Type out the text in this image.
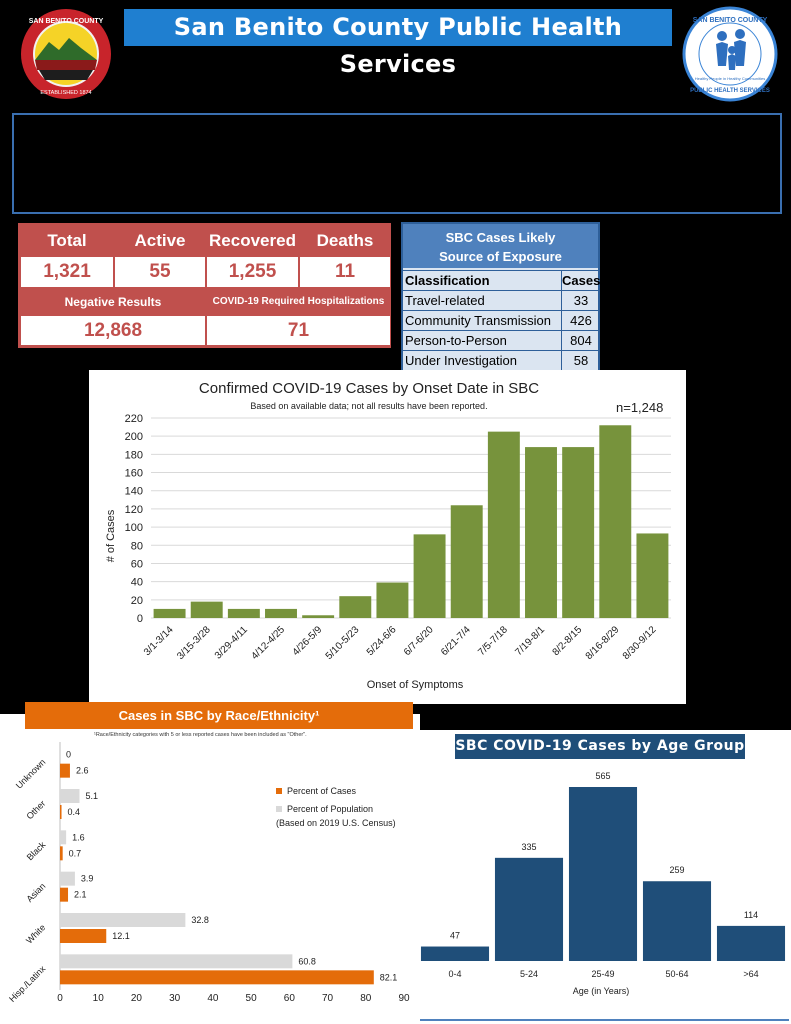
SAN BENITO COUNTY
ESTABLISHED 1874
San Benito County Public Health Services
SAN BENITO COUNTY
Healthy People in Healthy Communities
PUBLIC HEALTH SERVICES
Total	Active	Recovered	Deaths
1,321	55	1,255	11
Negative Results	COVID-19 Required Hospitalizations
12,868	71
SBC Cases Likely
Source of Exposure
Classification	Cases
Travel-related	33
Community Transmission	426
Person-to-Person	804
Under Investigation	58
Confirmed COVID-19 Cases by Onset Date in SBC
Based on available data; not all results have been reported.	n=1,248
# of Cases
Onset of Symptoms
0
20
40
60
80
100
120
140
160
180
200
220
3/1-3/14 3/15-3/28 3/29-4/11 4/12-4/25 4/26-5/9 5/10-5/23 5/24-6/6 6/7-6/20 6/21-7/4 7/5-7/18 7/19-8/1 8/2-8/15 8/16-8/29 8/30-9/12
¹Race/Ethnicity categories with 5 or less reported cases have been included as "Other".
Percent of Cases
Percent of Population
(Based on 2019 U.S. Census)
0
2.6
5.1
0.4
1.6
0.7
3.9
2.1
32.8
12.1
60.8
82.1
Unknown
Other
Black
Asian
White
Hisp./Latinx 0	10	20	30	40	50	60	70	80	90
Cases in SBC by Race/Ethnicity¹
Age (in Years)
47
0-4
335
5-24
565
25-49
259
50-64
114
>64
SBC COVID-19 Cases by Age Group
